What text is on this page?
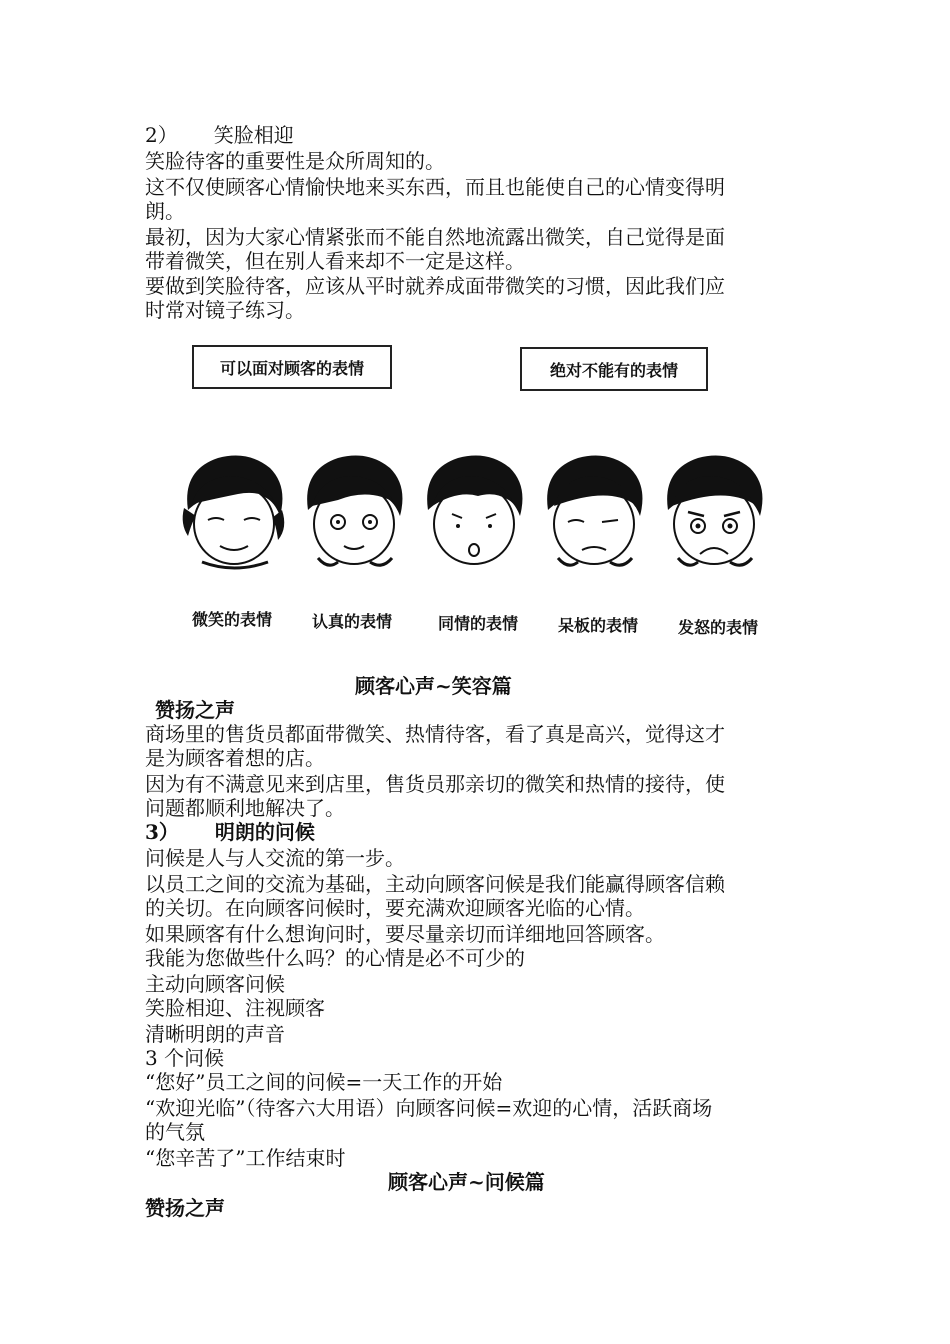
2） 笑脸相迎
笑脸待客的重要性是众所周知的。
这不仅使顾客心情愉快地来买东西，而且也能使自己的心情变得明
朗。
最初，因为大家心情紧张而不能自然地流露出微笑，自己觉得是面
带着微笑，但在别人看来却不一定是这样。
要做到笑脸待客，应该从平时就养成面带微笑的习惯，因此我们应
时常对镜子练习。
可以面对顾客的表情	绝对不能有的表情
微笑的表情 认真的表情	同情的表情 呆板的表情 发怒的表情
顾客心声~笑容篇
赞扬之声
商场里的售货员都面带微笑、热情待客，看了真是高兴，觉得这才
是为顾客着想的店。
因为有不满意见来到店里，售货员那亲切的微笑和热情的接待，使
问题都顺利地解决了。
3） 明朗的问候
问候是人与人交流的第一步。
以员工之间的交流为基础，主动向顾客问候是我们能赢得顾客信赖
的关切。在向顾客问候时，要充满欢迎顾客光临的心情。
如果顾客有什么想询问时，要尽量亲切而详细地回答顾客。
我能为您做些什么吗？的心情是必不可少的
主动向顾客问候
笑脸相迎、注视顾客
清晰明朗的声音
3 个问候
“您好”员工之间的问候=一天工作的开始
“欢迎光临”（待客六大用语）向顾客问候=欢迎的心情，活跃商场
的气氛
“您辛苦了”工作结束时
顾客心声~问候篇
赞扬之声
